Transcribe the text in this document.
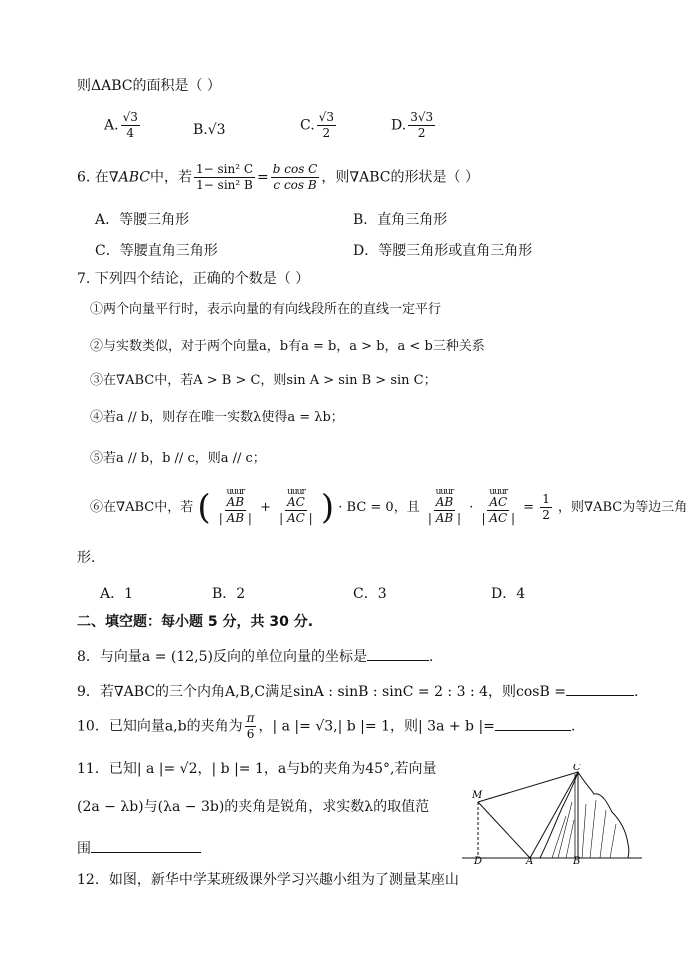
则ΔABC的面积是（ ）
A. $\frac{√3}{4}$	B.√3	C. $\frac{√3}{2}$	D. $\frac{3√3}{2}$
6. 在∇ABC中，若 $\frac{\text{1− sin² C}}{\text{1− sin² B}} = \frac{\text{b cos C}}{\text{c cos B}}$ ，则∇ABC的形状是（ ）
A．等腰三角形	B．直角三角形
C．等腰直角三角形	D．等腰三角形或直角三角形
7. 下列四个结论，正确的个数是（ ）
①两个向量平行时，表示向量的有向线段所在的直线一定平行
②与实数类似，对于两个向量a，b有a = b，a > b，a < b三种关系
③在∇ABC中，若A > B > C，则sin A > sin B > sin C；
④若a // b，则存在唯一实数λ使得a = λb；
⑤若a // b，b // c，则a // c；
⑥在∇ABC中，若 ( uuur
AB
| AB | + uuur
AC
| AC | ) · BC = 0，且 uuur
AB
| AB | · uuur
AC
| AC | = $\frac{1}{2}$ ，则∇ABC为等边三角
形.
A．1	B．2	C．3	D．4
二、填空题：每小题 5 分，共 30 分.
8．与向量a = (12,5)反向的单位向量的坐标是	.
9．若∇ABC的三个内角A,B,C满足sinA : sinB : sinC = 2 : 3 : 4，则cosB =	.
10．已知向量a,b的夹角为 $\frac{\pi}{6}$ ，| a |= √3,| b |= 1，则| 3a + b |=	.
11．已知| a |= √2，| b |= 1，a与b的夹角为45°,若向量
(2a − λb)与(λa − 3b)的夹角是锐角，求实数λ的取值范
围
12．如图，新华中学某班级课外学习兴趣小组为了测量某座山
M
C
D	A	B
